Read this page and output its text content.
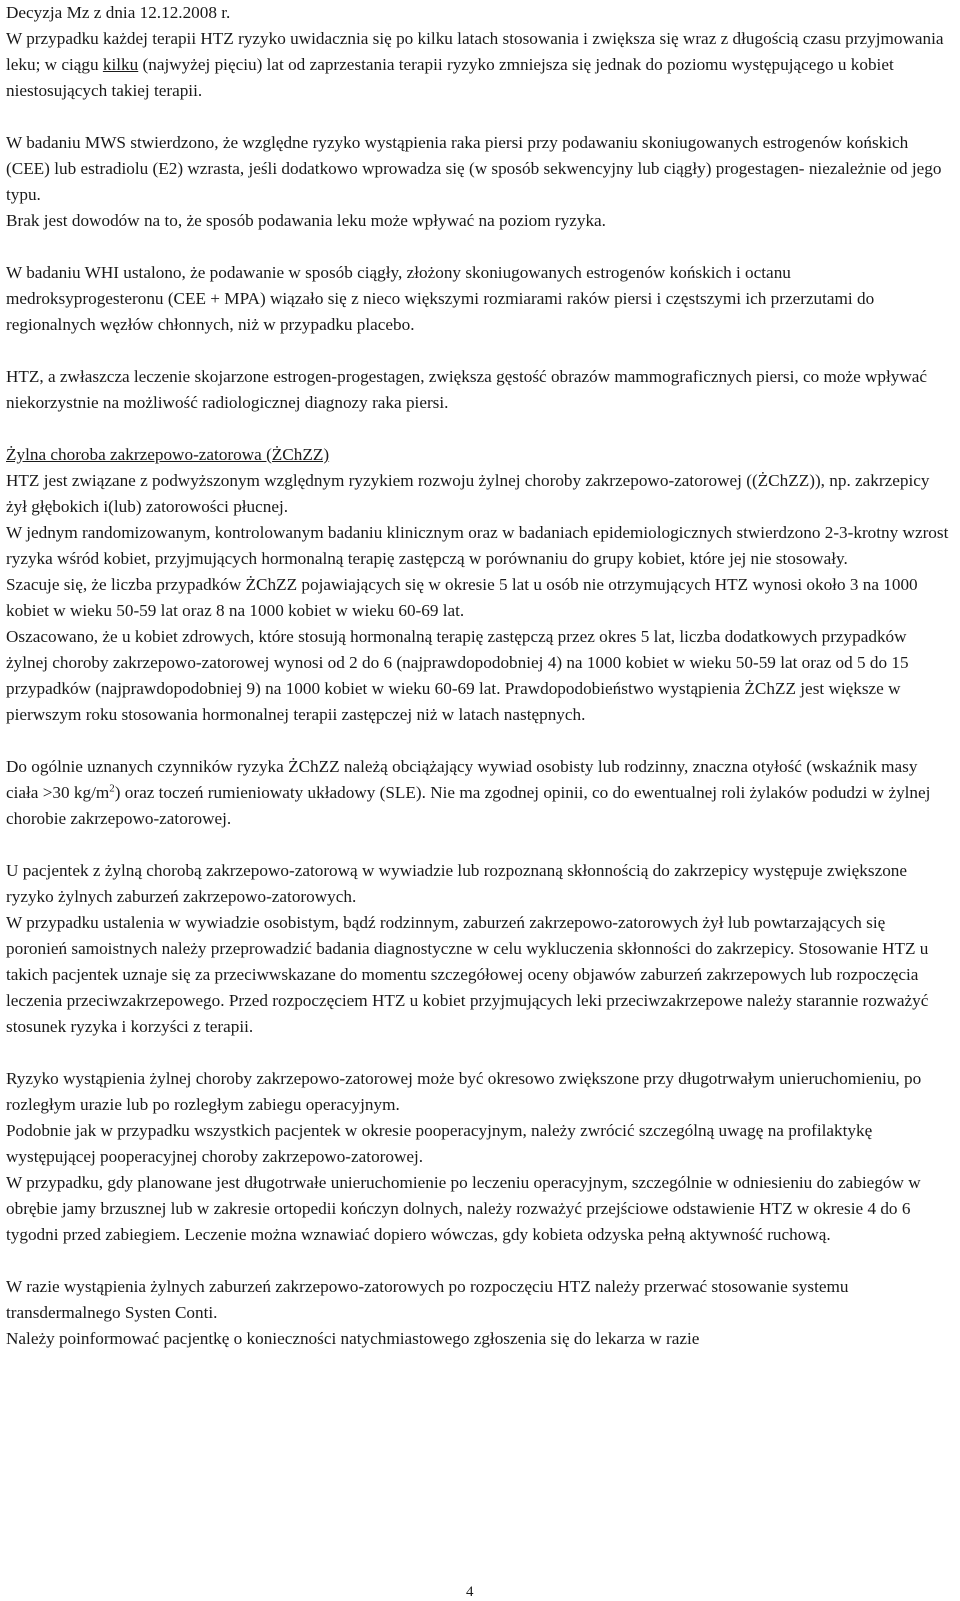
Decyzja Mz z dnia 12.12.2008 r.

W przypadku każdej terapii HTZ ryzyko uwidacznia się po kilku latach stosowania i zwiększa się wraz z długością czasu przyjmowania leku; w ciągu kilku (najwyżej pięciu) lat od zaprzestania terapii ryzyko zmniejsza się jednak do poziomu występującego u kobiet niestosujących takiej terapii.

W badaniu MWS stwierdzono, że względne ryzyko wystąpienia raka piersi przy podawaniu skoniugowanych estrogenów końskich (CEE) lub estradiolu (E2) wzrasta, jeśli dodatkowo wprowadza się (w sposób sekwencyjny lub ciągły) progestagen- niezależnie od jego typu.

Brak jest dowodów na to, że sposób podawania leku może wpływać na poziom ryzyka.

W badaniu WHI ustalono, że podawanie w sposób ciągły, złożony skoniugowanych estrogenów końskich i octanu medroksyprogesteronu (CEE + MPA) wiązało się z nieco większymi rozmiarami raków piersi i częstszymi ich przerzutami do regionalnych węzłów chłonnych, niż w przypadku placebo.

HTZ, a zwłaszcza leczenie skojarzone estrogen-progestagen, zwiększa gęstość obrazów mammograficznych piersi, co może wpływać niekorzystnie na możliwość radiologicznej diagnozy raka piersi.

Żylna choroba zakrzepowo-zatorowa (ŻChZZ)

HTZ jest związane z podwyższonym względnym ryzykiem rozwoju żylnej choroby zakrzepowo-zatorowej ((ŻChZZ)), np. zakrzepicy żył głębokich i(lub) zatorowości płucnej.

W jednym randomizowanym, kontrolowanym badaniu klinicznym oraz w badaniach epidemiologicznych stwierdzono 2-3-krotny wzrost ryzyka wśród kobiet, przyjmujących hormonalną terapię zastępczą w porównaniu do grupy kobiet, które jej nie stosowały.

Szacuje się, że liczba przypadków ŻChZZ pojawiających się w okresie 5 lat u osób nie otrzymujących HTZ wynosi około 3 na 1000 kobiet w wieku 50-59 lat oraz 8 na 1000 kobiet w wieku 60-69 lat.

Oszacowano, że u kobiet zdrowych, które stosują hormonalną terapię zastępczą przez okres 5 lat, liczba dodatkowych przypadków żylnej choroby zakrzepowo-zatorowej wynosi od 2 do 6 (najprawdopodobniej 4) na 1000 kobiet w wieku 50-59 lat oraz od 5 do 15 przypadków (najprawdopodobniej 9) na 1000 kobiet w wieku 60-69 lat. Prawdopodobieństwo wystąpienia ŻChZZ jest większe w pierwszym roku stosowania hormonalnej terapii zastępczej niż w latach następnych.

Do ogólnie uznanych czynników ryzyka ŻChZZ należą obciążający wywiad osobisty lub rodzinny, znaczna otyłość (wskaźnik masy ciała >30 $kg/m^2$) oraz toczeń rumieniowaty układowy (SLE). Nie ma zgodnej opinii, co do ewentualnej roli żylaków podudzi w żylnej chorobie zakrzepowo-zatorowej.

U pacjentek z żylną chorobą zakrzepowo-zatorową w wywiadzie lub rozpoznaną skłonnością do zakrzepicy występuje zwiększone ryzyko żylnych zaburzeń zakrzepowo-zatorowych.

W przypadku ustalenia w wywiadzie osobistym, bądź rodzinnym, zaburzeń zakrzepowo-zatorowych żył lub powtarzających się poronień samoistnych należy przeprowadzić badania diagnostyczne w celu wykluczenia skłonności do zakrzepicy. Stosowanie HTZ u takich pacjentek uznaje się za przeciwwskazane do momentu szczegółowej oceny objawów zaburzeń zakrzepowych lub rozpoczęcia leczenia przeciwzakrzepowego. Przed rozpoczęciem HTZ u kobiet przyjmujących leki przeciwzakrzepowe należy starannie rozważyć stosunek ryzyka i korzyści z terapii.

Ryzyko wystąpienia żylnej choroby zakrzepowo-zatorowej może być okresowo zwiększone przy długotrwałym unieruchomieniu, po rozległym urazie lub po rozległym zabiegu operacyjnym.

Podobnie jak w przypadku wszystkich pacjentek w okresie pooperacyjnym, należy zwrócić szczególną uwagę na profilaktykę występującej pooperacyjnej choroby zakrzepowo-zatorowej.

W przypadku, gdy planowane jest długotrwałe unieruchomienie po leczeniu operacyjnym, szczególnie w odniesieniu do zabiegów w obrębie jamy brzusznej lub w zakresie ortopedii kończyn dolnych, należy rozważyć przejściowe odstawienie HTZ w okresie 4 do 6 tygodni przed zabiegiem. Leczenie można wznawiać dopiero wówczas, gdy kobieta odzyska pełną aktywność ruchową.

W razie wystąpienia żylnych zaburzeń zakrzepowo-zatorowych po rozpoczęciu HTZ należy przerwać stosowanie systemu transdermalnego Systen Conti.

Należy poinformować pacjentkę o konieczności natychmiastowego zgłoszenia się do lekarza w razie

4
